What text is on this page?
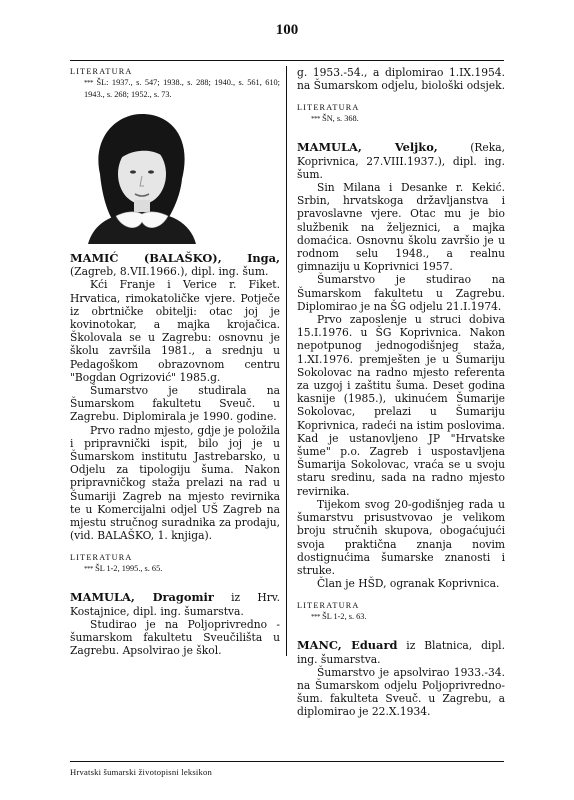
100

LITERATURA

*** ŠL: 1937., s. 547; 1938., s. 288; 1940., s. 561, 610; 1943., s. 268; 1952., s. 73.

MAMIĆ (BALAŠKO), Inga, (Zagreb, 8.VII.1966.), dipl. ing. šum.

Kći Franje i Verice r. Fiket. Hrvatica, rimokatoličke vjere. Potječe iz obrtničke obitelji: otac joj je kovinotokar, a majka krojačica. Školovala se u Zagrebu: osnovnu je školu završila 1981., a srednju u Pedagoškom obrazovnom centru "Bogdan Ogrizović" 1985.g.

Šumarstvo je studirala na Šumarskom fakultetu Sveuč. u Zagrebu. Diplomirala je 1990. godine.

Prvo radno mjesto, gdje je položila i pripravnički ispit, bilo joj je u Šumarskom institutu Jastrebarsko, u Odjelu za tipologiju šuma. Nakon pripravničkog staža prelazi na rad u Šumariji Zagreb na mjesto revirnika te u Komercijalni odjel UŠ Zagreb na mjestu stručnog suradnika za prodaju, (vid. BALAŠKO, 1. knjiga).

LITERATURA

*** ŠL 1-2, 1995., s. 65.

MAMULA, Dragomir iz Hrv. Kostajnice, dipl. ing. šumarstva.

Studirao je na Poljoprivredno - šumarskom fakultetu Sveučilišta u Zagrebu. Apsolvirao je škol.

g. 1953.-54., a diplomirao 1.IX.1954. na Šumarskom odjelu, biološki odsjek.

LITERATURA

*** ŠN, s. 368.

MAMULA, Veljko, (Reka, Koprivnica, 27.VIII.1937.), dipl. ing. šum.

Sin Milana i Desanke r. Kekić. Srbin, hrvatskoga državljanstva i pravoslavne vjere. Otac mu je bio službenik na željeznici, a majka domaćica. Osnovnu školu završio je u rodnom selu 1948., a realnu gimnaziju u Koprivnici 1957.

Šumarstvo je studirao na Šumarskom fakultetu u Zagrebu. Diplomirao je na ŠG odjelu 21.I.1974.

Prvo zaposlenje u struci dobiva 15.I.1976. u ŠG Koprivnica. Nakon nepotpunog jednogodišnjeg staža, 1.XI.1976. premješten je u Šumariju Sokolovac na radno mjesto referenta za uzgoj i zaštitu šuma. Deset godina kasnije (1985.), ukinućem Šumarije Sokolovac, prelazi u Šumariju Koprivnica, radeći na istim poslovima. Kad je ustanovljeno JP "Hrvatske šume" p.o. Zagreb i uspostavljena Šumarija Sokolovac, vraća se u svoju staru sredinu, sada na radno mjesto revirnika.

Tijekom svog 20-godišnjeg rada u šumarstvu prisustvovao je velikom broju stručnih skupova, obogaćujući svoja praktična znanja novim dostignućima šumarske znanosti i struke.

Član je HŠD, ogranak Koprivnica.

LITERATURA

*** ŠL 1-2, s. 63.

MANC, Eduard iz Blatnica, dipl. ing. šumarstva.

Šumarstvo je apsolvirao 1933.-34. na Šumarskom odjelu Poljoprivredno-šum. fakulteta Sveuč. u Zagrebu, a diplomirao je 22.X.1934.

Hrvatski šumarski životopisni leksikon
